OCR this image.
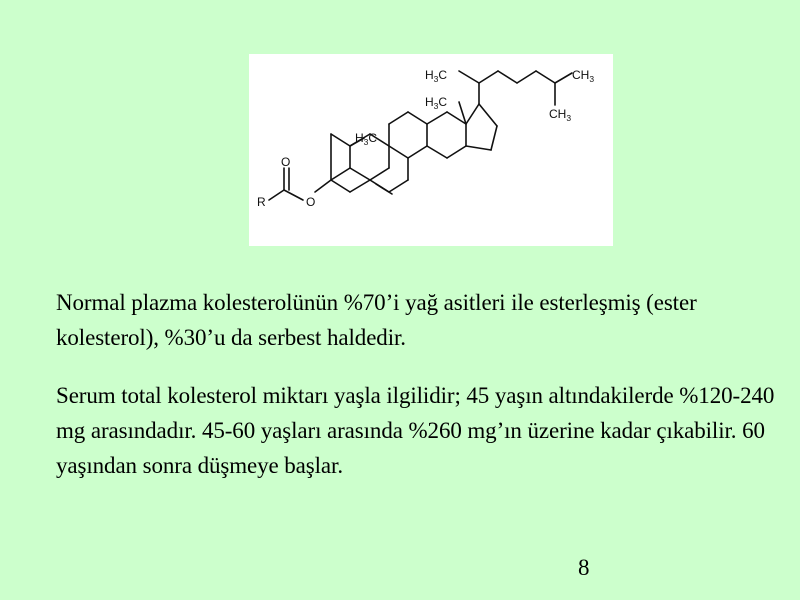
$H_3C$
$H_3C$
$H_3C$
$CH_3$
$CH_3$
O
O
R

Normal plazma kolesterolünün %70’i yağ asitleri ile esterleşmiş (ester kolesterol), %30’u da serbest haldedir.

Serum total kolesterol miktarı yaşla ilgilidir; 45 yaşın altındakilerde %120-240 mg arasındadır. 45-60 yaşları arasında %260 mg’ın üzerine kadar çıkabilir. 60 yaşından sonra düşmeye başlar.

8
